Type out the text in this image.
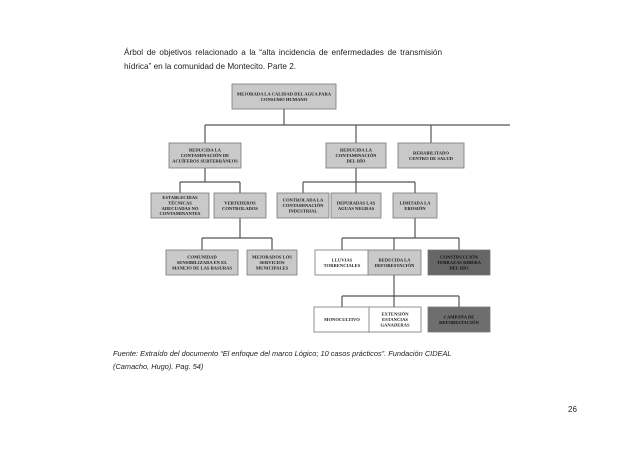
Árbol de objetivos relacionado a la “alta incidencia de enfermedades de transmisión hídrica” en la comunidad de Montecito. Parte 2.
MEJORADA LA CALIDAD DEL AGUA PARA
CONSUMO HUMANO
REDUCIDA LA
CONTAMINACIÓN DE
ACUÍFEROS SUBTERRÁNEOS
REDUCIDA LA
CONTAMINACIÓN
DEL RÍO
REHABILITADO
CENTRO DE SALUD
ESTABLECIDAS
TÉCNICAS
ADECUADAS NO
CONTAMINANTES
VERTEDEROS
CONTROLADOS
CONTROLADA LA
CONTAMINACIÓN
INDUSTRIAL
DEPURADAS LAS
AGUAS NEGRAS
LIMITADA LA
EROSIÓN
COMUNIDAD
SENSIBILIZADA EN EL
MANEJO DE LAS BASURAS
MEJORADOS LOS
SERVICIOS
MUNICIPALES
LLUVIAS
TORRENCIALES
REDUCIDA LA
DEFORESTACIÓN
CONSTRUCCIÓN
TERRAZAS RIBERA
DEL RÍO
MONOCULTIVO
EXTENSIÓN
ESTANCIAS
GANADERAS
CAMPAÑA DE
REFORESTACIÓN
Fuente: Extraído del documento “El enfoque del marco Lógico; 10 casos prácticos”. Fundación CIDEAL (Camacho, Hugo). Pag. 54)
26
